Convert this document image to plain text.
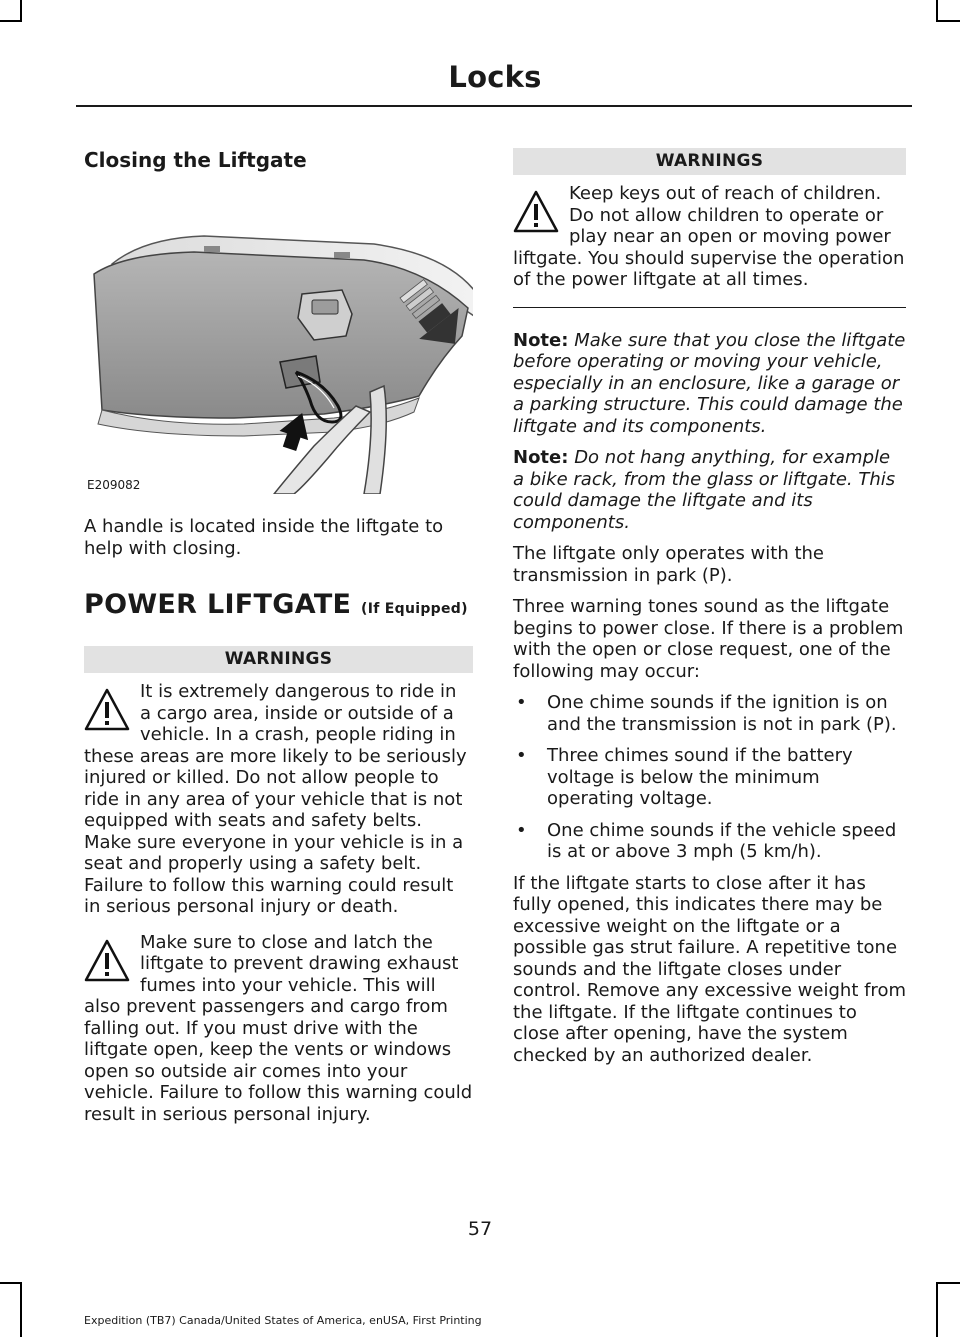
Locks
Closing the Liftgate
E209082

A handle is located inside the liftgate to help with closing.

POWER LIFTGATE (If Equipped)
WARNINGS

It is extremely dangerous to ride in a cargo area, inside or outside of a vehicle. In a crash, people riding in these areas are more likely to be seriously injured or killed. Do not allow people to ride in any area of your vehicle that is not equipped with seats and safety belts. Make sure everyone in your vehicle is in a seat and properly using a safety belt. Failure to follow this warning could result in serious personal injury or death.

Make sure to close and latch the liftgate to prevent drawing exhaust fumes into your vehicle. This will also prevent passengers and cargo from falling out. If you must drive with the liftgate open, keep the vents or windows open so outside air comes into your vehicle. Failure to follow this warning could result in serious personal injury.

WARNINGS

Keep keys out of reach of children. Do not allow children to operate or play near an open or moving power liftgate. You should supervise the operation of the power liftgate at all times.

Note: Make sure that you close the liftgate before operating or moving your vehicle, especially in an enclosure, like a garage or a parking structure. This could damage the liftgate and its components.

Note: Do not hang anything, for example a bike rack, from the glass or liftgate. This could damage the liftgate and its components.

The liftgate only operates with the transmission in park (P).

Three warning tones sound as the liftgate begins to power close. If there is a problem with the open or close request, one of the following may occur:

• One chime sounds if the ignition is on and the transmission is not in park (P).
• Three chimes sound if the battery voltage is below the minimum operating voltage.
• One chime sounds if the vehicle speed is at or above 3 mph (5 km/h).

If the liftgate starts to close after it has fully opened, this indicates there may be excessive weight on the liftgate or a possible gas strut failure. A repetitive tone sounds and the liftgate closes under control. Remove any excessive weight from the liftgate. If the liftgate continues to close after opening, have the system checked by an authorized dealer.

57
Expedition (TB7) Canada/United States of America, enUSA, First Printing
